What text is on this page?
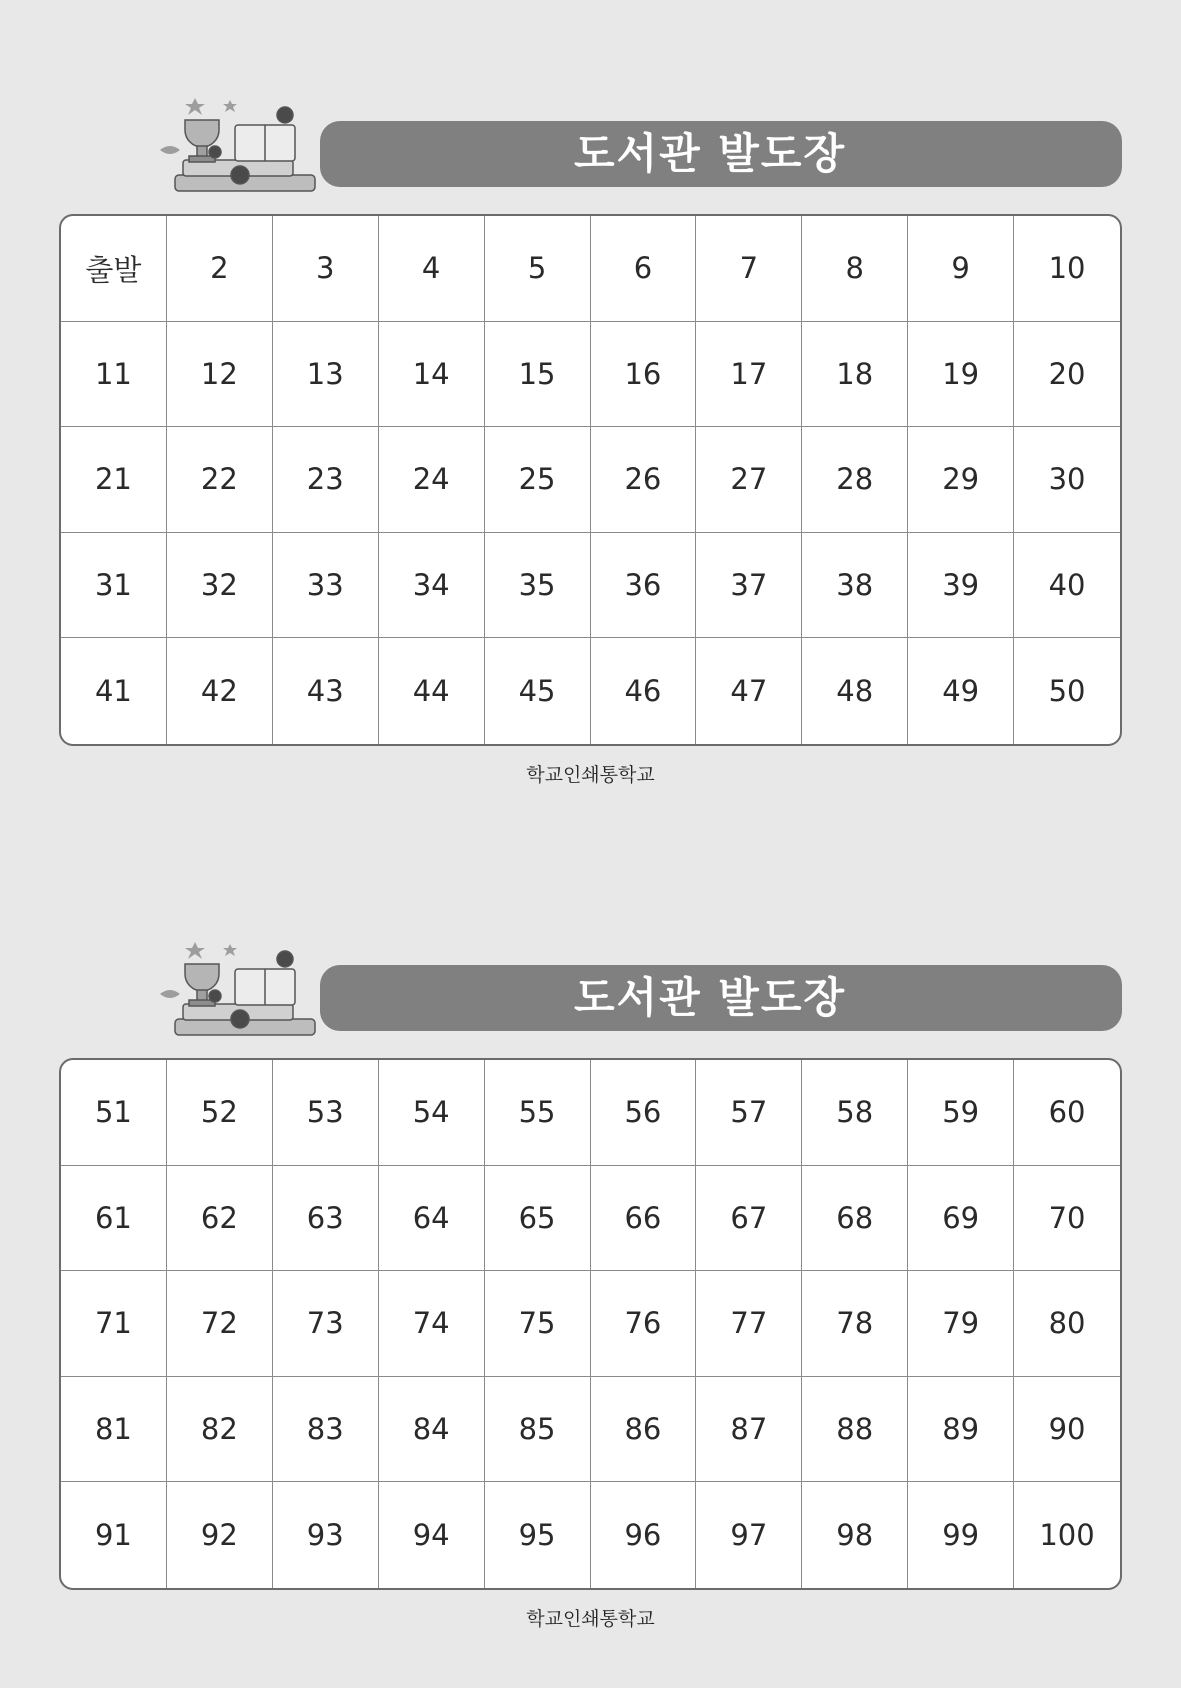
도서관 발도장
출발	2	3	4	5	6	7	8	9	10
11	12	13	14	15	16	17	18	19	20
21	22	23	24	25	26	27	28	29	30
31	32	33	34	35	36	37	38	39	40
41	42	43	44	45	46	47	48	49	50
학교인쇄통학교
도서관 발도장
51	52	53	54	55	56	57	58	59	60
61	62	63	64	65	66	67	68	69	70
71	72	73	74	75	76	77	78	79	80
81	82	83	84	85	86	87	88	89	90
91	92	93	94	95	96	97	98	99	100
학교인쇄통학교
